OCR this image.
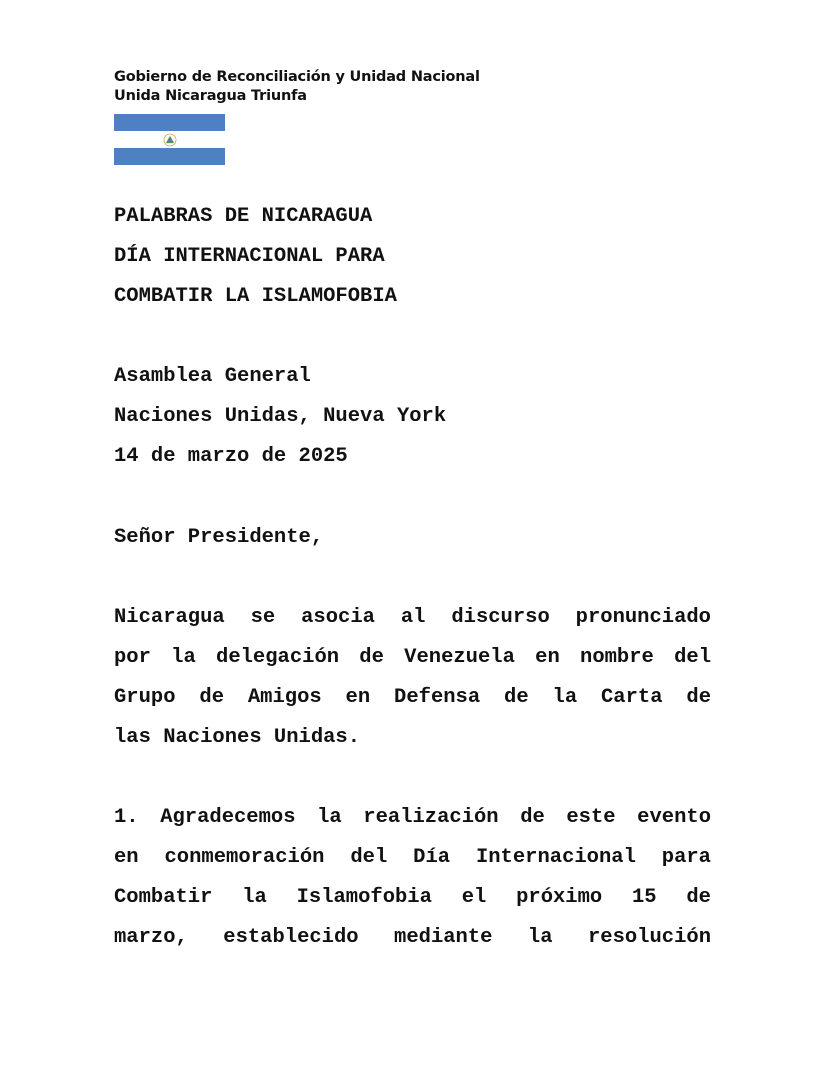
Gobierno de Reconciliación y Unidad Nacional
Unida Nicaragua Triunfa
PALABRAS DE NICARAGUA
DÍA INTERNACIONAL PARA
COMBATIR LA ISLAMOFOBIA
Asamblea General
Naciones Unidas, Nueva York
14 de marzo de 2025
Señor Presidente,
Nicaragua se asocia al discurso pronunciado
por la delegación de Venezuela en nombre del
Grupo de Amigos en Defensa de la Carta de
las Naciones Unidas.
1. Agradecemos la realización de este evento
en conmemoración del Día Internacional para
Combatir la Islamofobia el próximo 15 de
marzo, establecido mediante la resolución
